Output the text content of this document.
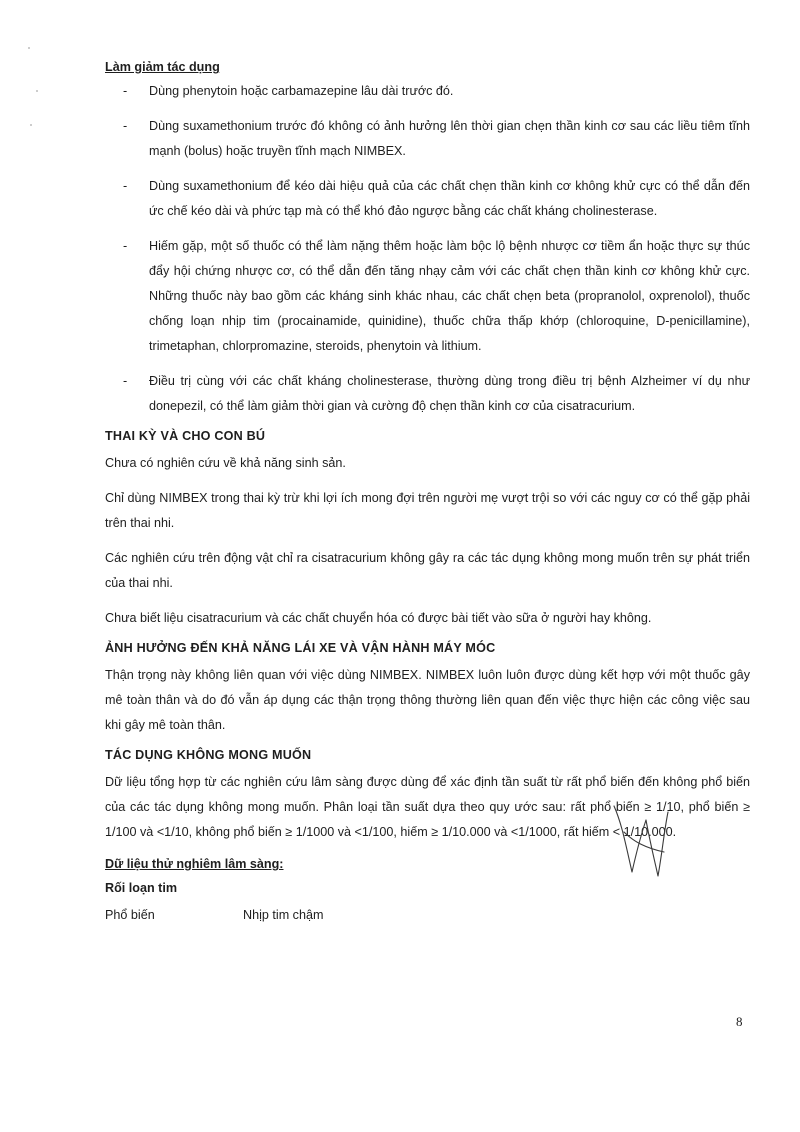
Làm giảm tác dụng

- Dùng phenytoin hoặc carbamazepine lâu dài trước đó.
- Dùng suxamethonium trước đó không có ảnh hưởng lên thời gian chẹn thần kinh cơ sau các liều tiêm tĩnh mạnh (bolus) hoặc truyền tĩnh mạch NIMBEX.
- Dùng suxamethonium để kéo dài hiệu quả của các chất chẹn thần kinh cơ không khử cực có thể dẫn đến ức chế kéo dài và phức tạp mà có thể khó đảo ngược bằng các chất kháng cholinesterase.
- Hiếm gặp, một số thuốc có thể làm nặng thêm hoặc làm bộc lộ bệnh nhược cơ tiềm ẩn hoặc thực sự thúc đẩy hội chứng nhược cơ, có thể dẫn đến tăng nhạy cảm với các chất chẹn thần kinh cơ không khử cực. Những thuốc này bao gồm các kháng sinh khác nhau, các chất chẹn beta (propranolol, oxprenolol), thuốc chống loạn nhịp tim (procainamide, quinidine), thuốc chữa thấp khớp (chloroquine, D-penicillamine), trimetaphan, chlorpromazine, steroids, phenytoin và lithium.
- Điều trị cùng với các chất kháng cholinesterase, thường dùng trong điều trị bệnh Alzheimer ví dụ như donepezil, có thể làm giảm thời gian và cường độ chẹn thần kinh cơ của cisatracurium.

THAI KỲ VÀ CHO CON BÚ

Chưa có nghiên cứu về khả năng sinh sản.

Chỉ dùng NIMBEX trong thai kỳ trừ khi lợi ích mong đợi trên người mẹ vượt trội so với các nguy cơ có thể gặp phải trên thai nhi.

Các nghiên cứu trên động vật chỉ ra cisatracurium không gây ra các tác dụng không mong muốn trên sự phát triển của thai nhi.

Chưa biết liệu cisatracurium và các chất chuyển hóa có được bài tiết vào sữa ở người hay không.

ẢNH HƯỞNG ĐẾN KHẢ NĂNG LÁI XE VÀ VẬN HÀNH MÁY MÓC

Thận trọng này không liên quan với việc dùng NIMBEX. NIMBEX luôn luôn được dùng kết hợp với một thuốc gây mê toàn thân và do đó vẫn áp dụng các thận trọng thông thường liên quan đến việc thực hiện các công việc sau khi gây mê toàn thân.

TÁC DỤNG KHÔNG MONG MUỐN

Dữ liệu tổng hợp từ các nghiên cứu lâm sàng được dùng để xác định tần suất từ rất phổ biến đến không phổ biến của các tác dụng không mong muốn. Phân loại tần suất dựa theo quy ước sau: rất phổ biến ≥ 1/10, phổ biến ≥ 1/100 và <1/10, không phổ biến ≥ 1/1000 và <1/100, hiếm ≥ 1/10.000 và <1/1000, rất hiếm < 1/10.000.

Dữ liệu thử nghiêm lâm sàng:

Rối loạn tim

Phổ biến	Nhịp tim chậm
8
